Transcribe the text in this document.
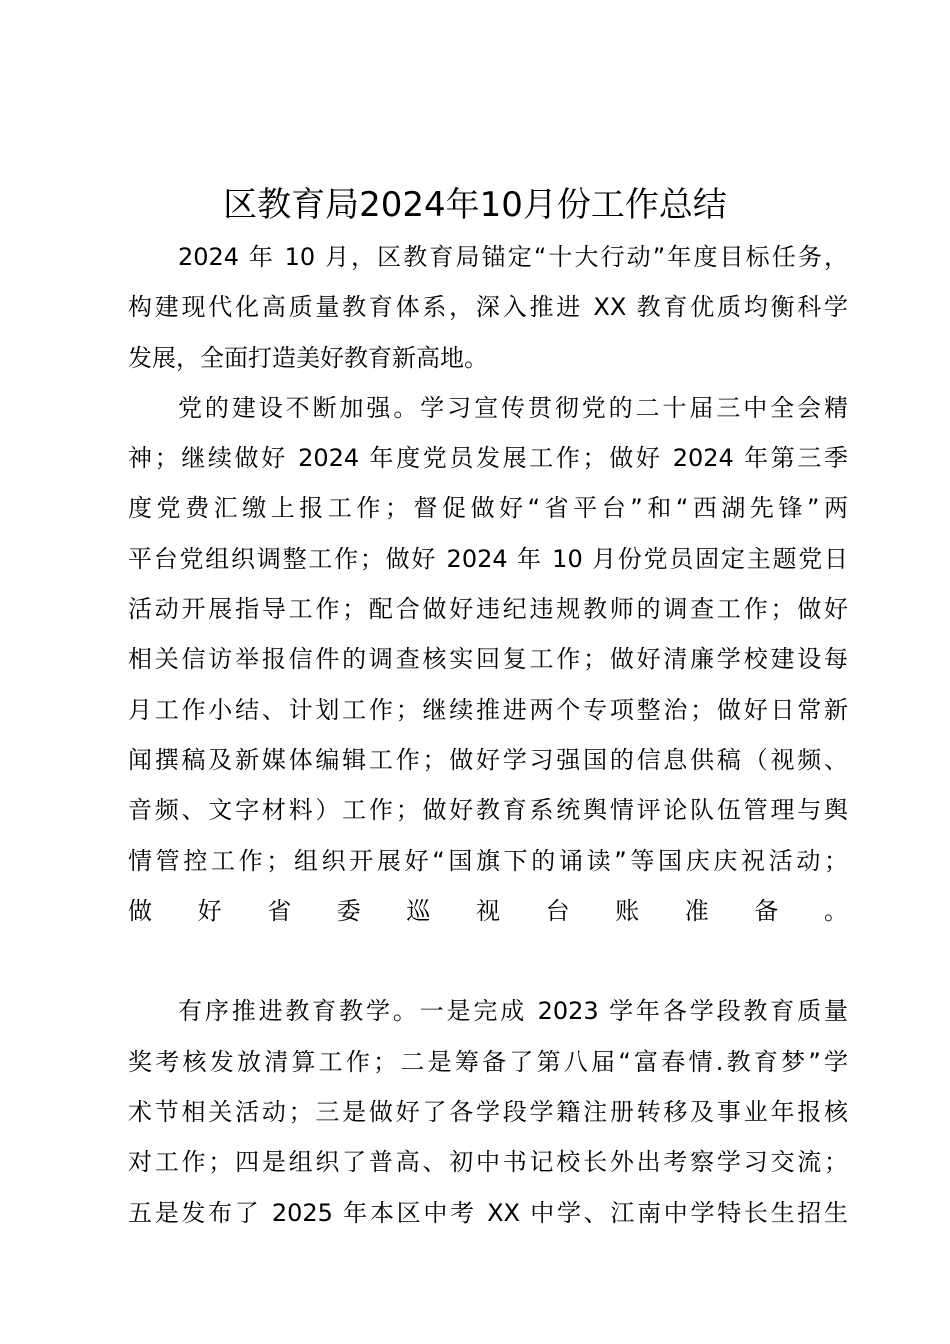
区教育局2024年10月份工作总结
2024 年 10 月，区教育局锚定“十大行动”年度目标任务，
构建现代化高质量教育体系，深入推进 XX 教育优质均衡科学
发展，全面打造美好教育新高地。
党的建设不断加强。学习宣传贯彻党的二十届三中全会精
神；继续做好 2024 年度党员发展工作；做好 2024 年第三季
度党费汇缴上报工作；督促做好“省平台”和“西湖先锋”两
平台党组织调整工作；做好 2024 年 10 月份党员固定主题党日
活动开展指导工作；配合做好违纪违规教师的调查工作；做好
相关信访举报信件的调查核实回复工作；做好清廉学校建设每
月工作小结、计划工作；继续推进两个专项整治；做好日常新
闻撰稿及新媒体编辑工作；做好学习强国的信息供稿（视频、
音频、文字材料）工作；做好教育系统舆情评论队伍管理与舆
情管控工作；组织开展好“国旗下的诵读”等国庆庆祝活动；
做好省委巡视台账准备。
有序推进教育教学。一是完成 2023 学年各学段教育质量
奖考核发放清算工作；二是筹备了第八届“富春情.教育梦”学
术节相关活动；三是做好了各学段学籍注册转移及事业年报核
对工作；四是组织了普高、初中书记校长外出考察学习交流；
五是发布了 2025 年本区中考 XX 中学、江南中学特长生招生
